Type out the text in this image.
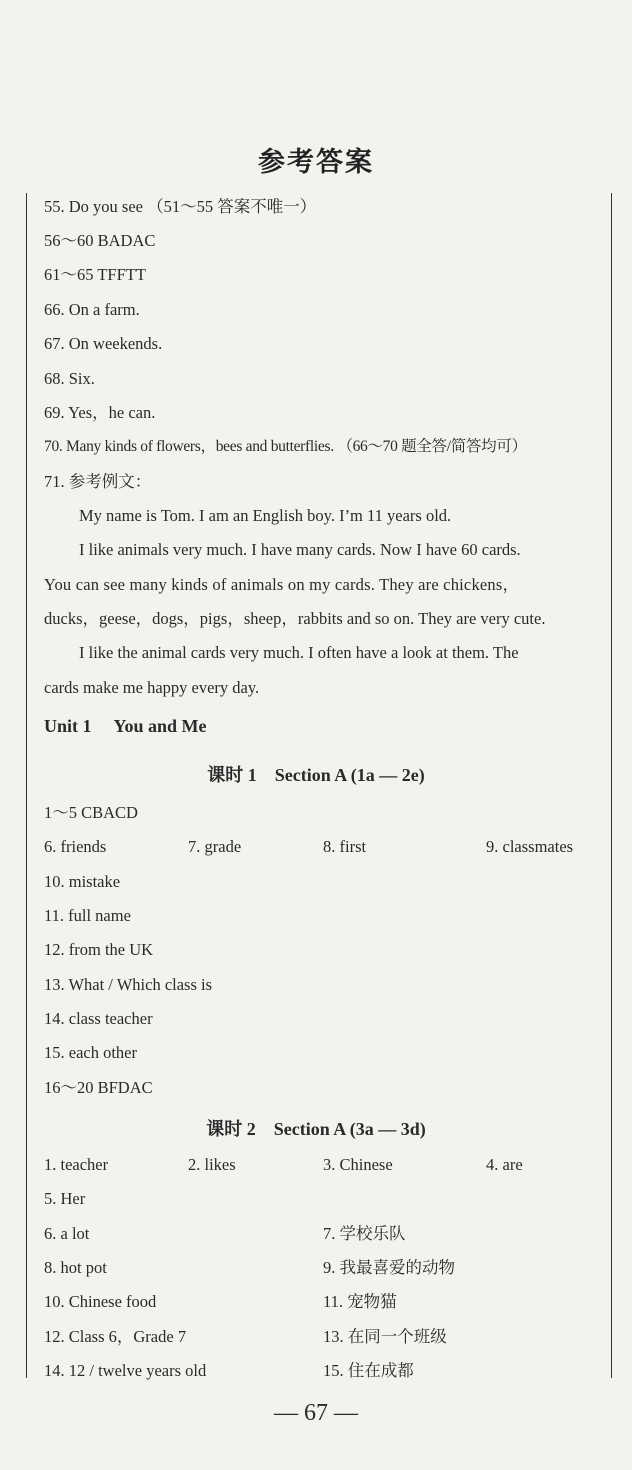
参考答案
55. Do you see （51～55 答案不唯一）
56～60 BADAC
61～65 TFFTT
66. On a farm.
67. On weekends.
68. Six.
69. Yes，he can.
70. Many kinds of flowers，bees and butterflies. （66～70 题全答/简答均可）
71. 参考例文：
My name is Tom. I am an English boy. I’m 11 years old.
I like animals very much. I have many cards. Now I have 60 cards.
You can see many kinds of animals on my cards. They are chickens，
ducks，geese，dogs，pigs，sheep，rabbits and so on. They are very cute.
I like the animal cards very much. I often have a look at them. The
cards make me happy every day.
Unit 1 You and Me
课时 1 Section A (1a — 2e)
1～5 CBACD
6. friends	7. grade	8. first	9. classmates
10. mistake
11. full name
12. from the UK
13. What / Which class is
14. class teacher
15. each other
16～20 BFDAC
课时 2 Section A (3a — 3d)
1. teacher	2. likes	3. Chinese	4. are
5. Her
6. a lot	7. 学校乐队
8. hot pot	9. 我最喜爱的动物
10. Chinese food	11. 宠物猫
12. Class 6，Grade 7	13. 在同一个班级
14. 12 / twelve years old	15. 住在成都
— 67 —
